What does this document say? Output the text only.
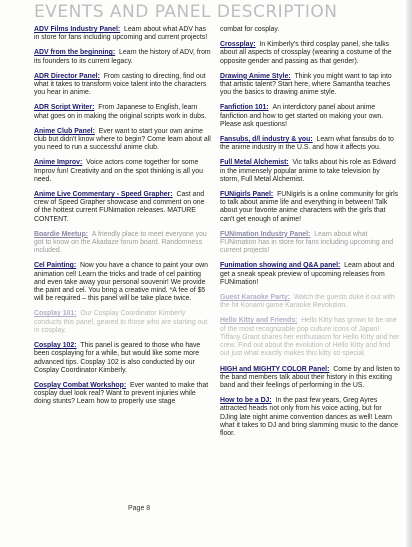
EVENTS AND PANEL DESCRIPTION
ADV Films Industry Panel: Learn about what ADV has in store for fans including upcoming and current projects!
ADV from the beginning: Learn the history of ADV, from its founders to its current legacy.
ADR Director Panel: From casting to directing, find out what it takes to transform voice talent into the characters you hear in anime.
ADR Script Writer: From Japanese to English, learn what goes on in making the original scripts work in dubs.
Anime Club Panel: Ever want to start your own anime club but didn't know where to begin? Come learn about all you need to run a successful anime club.
Anime Improv: Voice actors come together for some Improv fun! Creativity and on the spot thinking is all you need.
Anime Live Commentary - Speed Grapher: Cast and crew of Speed Grapher showcase and comment on one of the hottest current FUNimation releases. MATURE CONTENT.
Boardie Meetup: A friendly place to meet everyone you got to know on the Akadaze forum board. Randomness included.
Cel Painting: Now you have a chance to paint your own animation cel! Learn the tricks and trade of cel painting and even take away your personal souvenir! We provide the paint and cel. You bring a creative mind. *A fee of $5 will be required – this panel will be take place twice.
Cosplay 101: Our Cosplay Coordinator Kimberly conducts this panel, geared to those who are starting out in cosplay.
Cosplay 102: This panel is geared to those who have been cosplaying for a while, but would like some more advanced tips. Cosplay 102 is also conducted by our Cosplay Coordinator Kimberly.
Cosplay Combat Workshop: Ever wanted to make that cosplay duel look real? Want to prevent injuries while doing stunts? Learn how to properly use stage
combat for cosplay.
Crossplay: In Kimberly's third cosplay panel, she talks about all aspects of crossplay (wearing a costume of the opposite gender and passing as that gender).
Drawing Anime Style: Think you might want to tap into that artistic talent? Start here, where Samantha teaches you the basics to drawing anime style.
Fanfiction 101: An interdictory panel about anime fanfiction and how to get started on making your own. Please ask questions!
Fansubs, d/l industry & you: Learn what fansubs do to the anime industry in the U.S. and how it affects you.
Full Metal Alchemist: Vic talks about his role as Edward in the immensely popular anime to take television by storm, Full Metal Alchemist.
FUNigirls Panel: FUNigirls is a online community for girls to talk about anime life and everything in between! Talk about your favorite anime characters with the girls that can't get enough of anime!
FUNimation Industry Panel: Learn about what FUNimation has in store for fans including upcoming and current projects!
Funimation showing and Q&A panel: Learn about and get a sneak speak preview of upcoming releases from FUNimation!
Guest Karaoke Party: Watch the guests duke it out with the hit Konami game Karaoke Revolution.
Hello Kitty and Friends: Hello Kitty has grown to be one of the most recognizable pop culture icons of Japan! Tiffany Grant shares her enthusiasm for Hello Kitty and her crew. Find out about the evolution of Hello Kitty and find out just what exactly makes this kitty so special.
HIGH and MIGHTY COLOR Panel: Come by and listen to the band members talk about their history in this exciting band and their feelings of performing in the US.
How to be a DJ: In the past few years, Greg Ayres attracted heads not only from his voice acting, but for DJing late night anime convention dances as well! Learn what it takes to DJ and bring slamming music to the dance floor.
Page 8
